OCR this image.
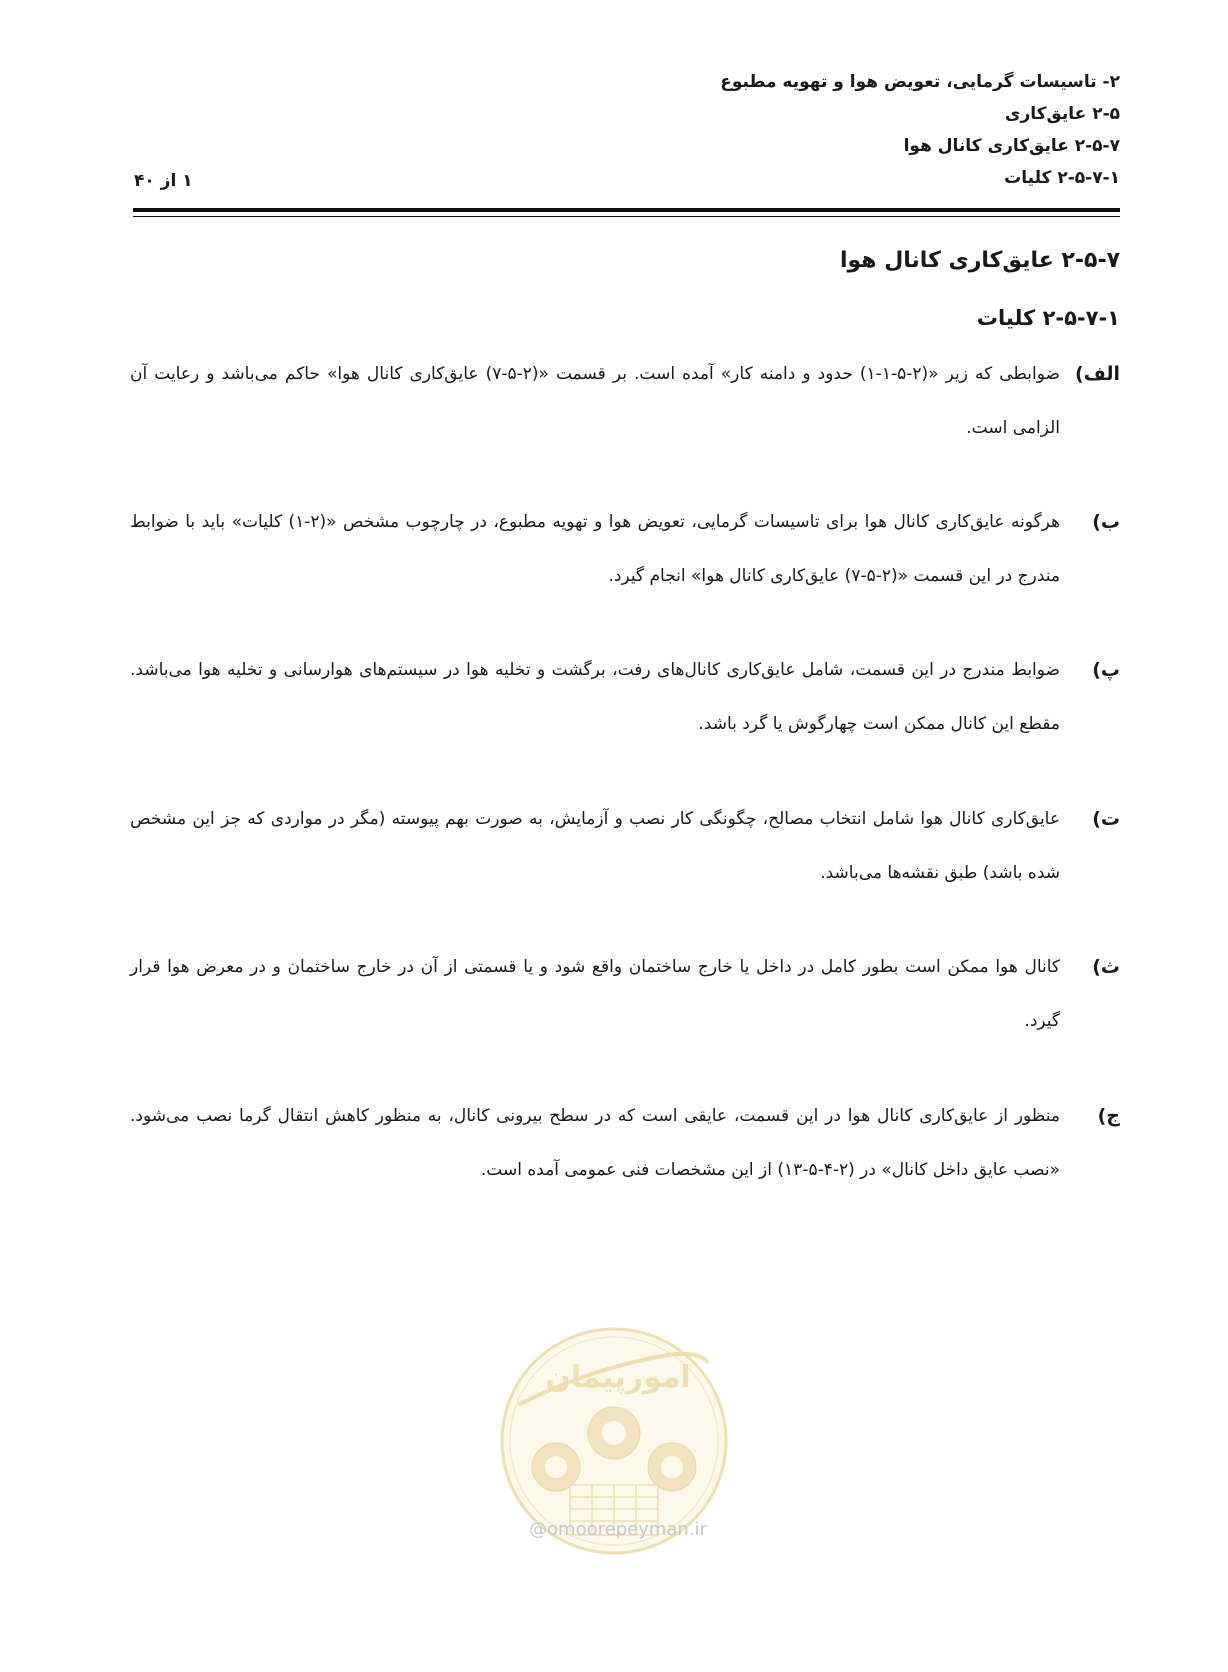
۲- تاسیسات گرمایی، تعویض هوا و تهویه مطبوع
۲-۵ عایق‌کاری
۲-۵-۷ عایق‌کاری کانال هوا
۲-۵-۷-۱ کلیات
۱ از ۴۰
۲-۵-۷ عایق‌کاری کانال هوا
۲-۵-۷-۱ کلیات
الف)
ضوابطی که زیر «(۲-۵-۱-۱) حدود و دامنه کار» آمده است. بر قسمت «(۲-۵-۷) عایق‌کاری کانال هوا» حاکم می‌باشد و رعایت آن الزامی است.
ب)
هرگونه عایق‌کاری کانال هوا برای تاسیسات گرمایی، تعویض هوا و تهویه مطبوع، در چارچوب مشخص «(۲-۱) کلیات» باید با ضوابط مندرج در این قسمت «(۲-۵-۷) عایق‌کاری کانال هوا» انجام گیرد.
پ)
ضوابط مندرج در این قسمت، شامل عایق‌کاری کانال‌های رفت، برگشت و تخلیه هوا در سیستم‌های هوارسانی و تخلیه هوا می‌باشد. مقطع این کانال ممکن است چهارگوش یا گرد باشد.
ت)
عایق‌کاری کانال هوا شامل انتخاب مصالح، چگونگی کار نصب و آزمایش، به صورت بهم پیوسته (مگر در مواردی که جز این مشخص شده باشد) طبق نقشه‌ها می‌باشد.
ث)
کانال هوا ممکن است بطور کامل در داخل یا خارج ساختمان واقع شود و یا قسمتی از آن در خارج ساختمان و در معرض هوا قرار گیرد.
ج)
منظور از عایق‌کاری کانال هوا در این قسمت، عایقی است که در سطح بیرونی کانال، به منظور کاهش انتقال گرما نصب می‌شود. «نصب عایق داخل کانال» در (۲-۴-۵-۱۳) از این مشخصات فنی عمومی آمده است.
امورپیمان
@omoorepeyman.ir
